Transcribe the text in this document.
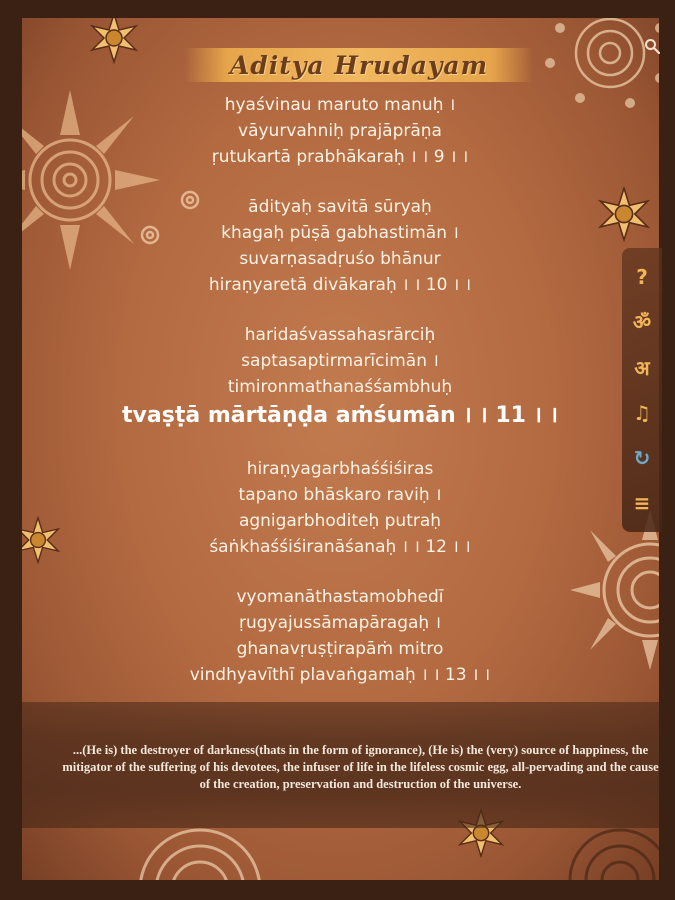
Aditya Hrudayam
hyaśvinau maruto manuḥ ।
vāyurvahniḥ prajāprāṇa
ṛutukartā prabhākaraḥ । । 9 । ।
ādityaḥ savitā sūryaḥ
khagaḥ pūṣā gabhastimān ।
suvarṇasadṛuśo bhānur
hiraṇyaretā divākaraḥ । । 10 । ।
haridaśvassahasrārciḥ
saptasaptirmarīcimān ।
timironmathanaśśambhuḥ
tvaṣṭā mārtāṇḍa aṁśumān । । 11 । ।
hiraṇyagarbhaśśiśiras
tapano bhāskaro raviḥ ।
agnigarbhoditeḥ putraḥ
śaṅkhaśśiśiranāśanaḥ । । 12 । ।
vyomanāthastamobhedī
ṛugyajussāmapāragaḥ ।
ghanavṛuṣṭirapāṁ mitro
vindhyavīthī plavaṅgamaḥ । । 13 । ।
?
ॐ
अ
♫
↻
≡
...(He is) the destroyer of darkness(thats in the form of ignorance), (He is) the (very) source of happiness, the mitigator of the suffering of his devotees, the infuser of life in the lifeless cosmic egg, all-pervading and the cause of the creation, preservation and destruction of the universe.
